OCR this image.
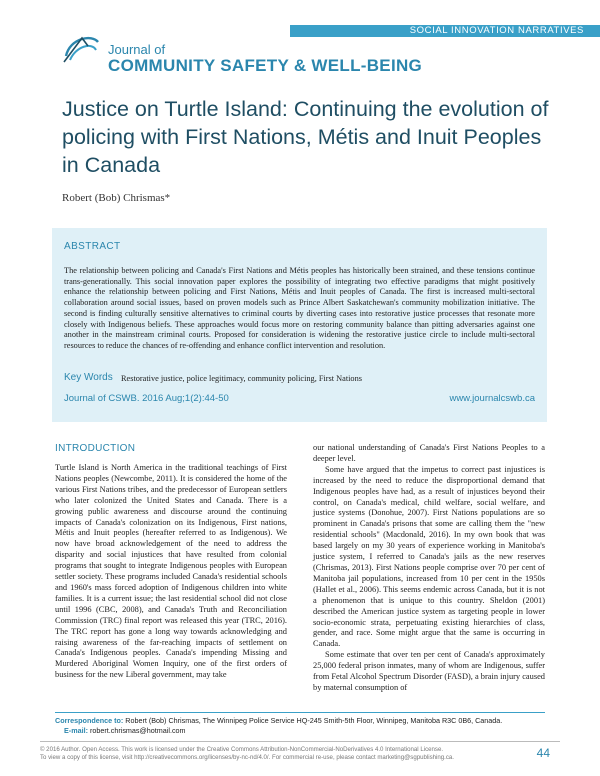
SOCIAL INNOVATION NARRATIVES
Journal of
COMMUNITY SAFETY & WELL-BEING
Justice on Turtle Island: Continuing the evolution of policing with First Nations, Métis and Inuit Peoples in Canada
Robert (Bob) Chrismas*
ABSTRACT
The relationship between policing and Canada's First Nations and Métis peoples has historically been strained, and these tensions continue trans-generationally. This social innovation paper explores the possibility of integrating two effective paradigms that might positively enhance the relationship between policing and First Nations, Métis and Inuit peoples of Canada. The first is increased multi-sectoral collaboration around social issues, based on proven models such as Prince Albert Saskatchewan's community mobilization initiative. The second is finding culturally sensitive alternatives to criminal courts by diverting cases into restorative justice processes that resonate more closely with Indigenous beliefs. These approaches would focus more on restoring community balance than pitting adversaries against one another in the mainstream criminal courts. Proposed for consideration is widening the restorative justice circle to include multi-sectoral resources to reduce the chances of re-offending and enhance conflict intervention and resolution.
Key Words Restorative justice, police legitimacy, community policing, First Nations
Journal of CSWB. 2016 Aug;1(2):44-50	www.journalcswb.ca
INTRODUCTION

Turtle Island is North America in the traditional teachings of First Nations peoples (Newcombe, 2011). It is considered the home of the various First Nations tribes, and the predecessor of European settlers who later colonized the United States and Canada. There is a growing public awareness and discourse around the continuing impacts of Canada's colonization on its Indigenous, First nations, Métis and Inuit peoples (hereafter referred to as Indigenous). We now have broad acknowledgement of the need to address the disparity and social injustices that have resulted from colonial programs that sought to integrate Indigenous peoples with European settler society. These programs included Canada's residential schools and 1960's mass forced adoption of Indigenous children into white families. It is a current issue; the last residential school did not close until 1996 (CBC, 2008), and Canada's Truth and Reconciliation Commission (TRC) final report was released this year (TRC, 2016). The TRC report has gone a long way towards acknowledging and raising awareness of the far-reaching impacts of settlement on Canada's Indigenous peoples. Canada's impending Missing and Murdered Aboriginal Women Inquiry, one of the first orders of business for the new Liberal government, may take

our national understanding of Canada's First Nations Peoples to a deeper level.

Some have argued that the impetus to correct past injustices is increased by the need to reduce the disproportional demand that Indigenous peoples have had, as a result of injustices beyond their control, on Canada's medical, child welfare, social welfare, and justice systems (Donohue, 2007). First Nations populations are so prominent in Canada's prisons that some are calling them the "new residential schools" (Macdonald, 2016). In my own book that was based largely on my 30 years of experience working in Manitoba's justice system, I referred to Canada's jails as the new reserves (Chrismas, 2013). First Nations people comprise over 70 per cent of Manitoba jail populations, increased from 10 per cent in the 1950s (Hallet et al., 2006). This seems endemic across Canada, but it is not a phenomenon that is unique to this country. Sheldon (2001) described the American justice system as targeting people in lower socio-economic strata, perpetuating existing hierarchies of class, gender, and race. Some might argue that the same is occurring in Canada.

Some estimate that over ten per cent of Canada's approximately 25,000 federal prison inmates, many of whom are Indigenous, suffer from Fetal Alcohol Spectrum Disorder (FASD), a brain injury caused by maternal consumption of

Correspondence to: Robert (Bob) Chrismas, The Winnipeg Police Service HQ-245 Smith-5th Floor, Winnipeg, Manitoba R3C 0B6, Canada.
E-mail: robert.chrismas@hotmail.com
© 2016 Author. Open Access. This work is licensed under the Creative Commons Attribution-NonCommercial-NoDerivatives 4.0 International License.
To view a copy of this license, visit http://creativecommons.org/licenses/by-nc-nd/4.0/. For commercial re-use, please contact marketing@sgpublishing.ca.	44
